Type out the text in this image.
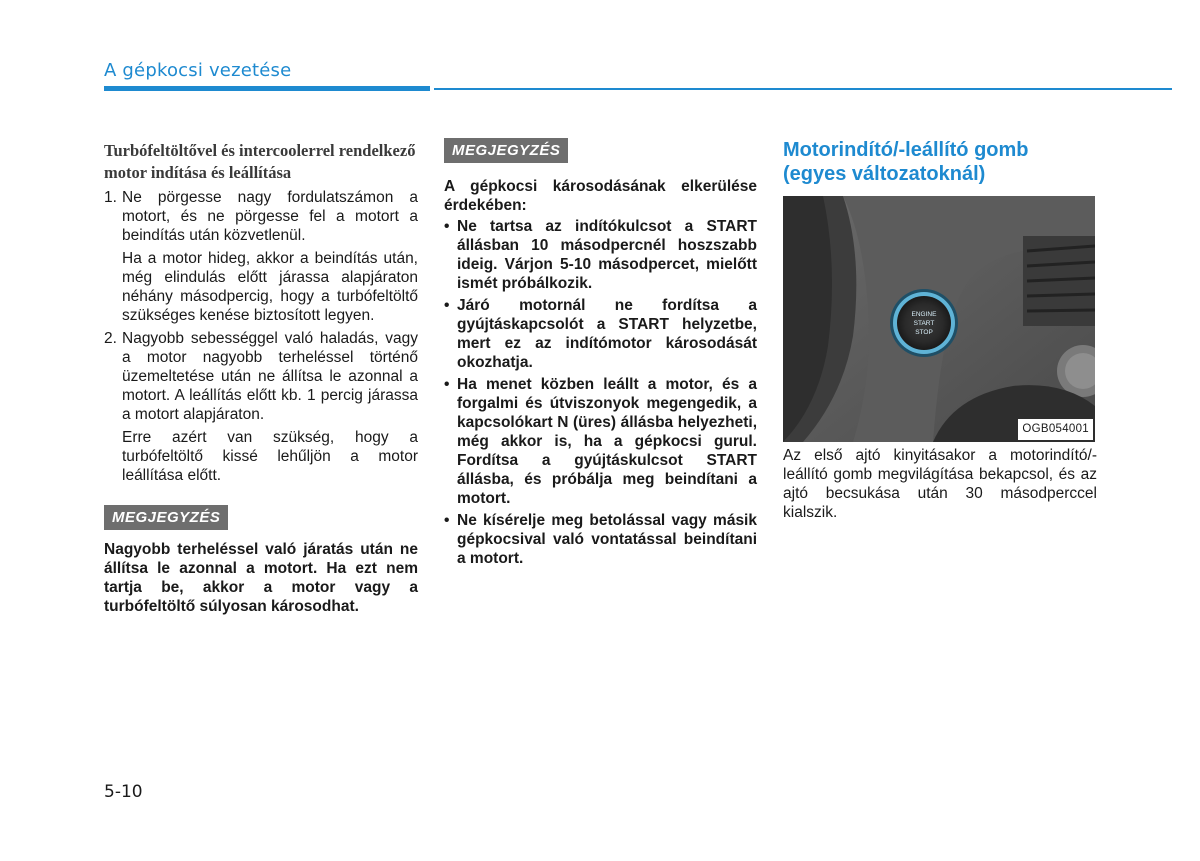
A gépkocsi vezetése

Turbófeltöltővel és intercoolerrel rendelkező motor indítása és leállítása

1. Ne pörgesse nagy fordulatszámon a motort, és ne pörgesse fel a motort a beindítás után közvetlenül.

Ha a motor hideg, akkor a beindítás után, még elindulás előtt járassa alapjáraton néhány másodpercig, hogy a turbófeltöltő szükséges kenése biztosított legyen.

2. Nagyobb sebességgel való haladás, vagy a motor nagyobb terheléssel történő üzemeltetése után ne állítsa le azonnal a motort. A leállítás előtt kb. 1 percig járassa a motort alapjáraton.

Erre azért van szükség, hogy a turbófeltöltő kissé lehűljön a motor leállítása előtt.

MEGJEGYZÉS

Nagyobb terheléssel való járatás után ne állítsa le azonnal a motort. Ha ezt nem tartja be, akkor a motor vagy a turbófeltöltő súlyosan károsodhat.

MEGJEGYZÉS

A gépkocsi károsodásának elkerülése érdekében:

• Ne tartsa az indítókulcsot a START állásban 10 másodpercnél hoszszabb ideig. Várjon 5-10 másodpercet, mielőtt ismét próbálkozik.
• Járó motornál ne fordítsa a gyújtáskapcsolót a START helyzetbe, mert ez az indítómotor károsodását okozhatja.
• Ha menet közben leállt a motor, és a forgalmi és útviszonyok megengedik, a kapcsolókart N (üres) állásba helyezheti, még akkor is, ha a gépkocsi gurul. Fordítsa a gyújtáskulcsot START állásba, és próbálja meg beindítani a motort.
• Ne kísérelje meg betolással vagy másik gépkocsival való vontatással beindítani a motort.

Motorindító/-leállító gomb (egyes változatoknál)

ENGINE
START
STOP
OGB054001

Az első ajtó kinyitásakor a motorindító/-leállító gomb megvilágítása bekapcsol, és az ajtó becsukása után 30 másodperccel kialszik.

5-10
